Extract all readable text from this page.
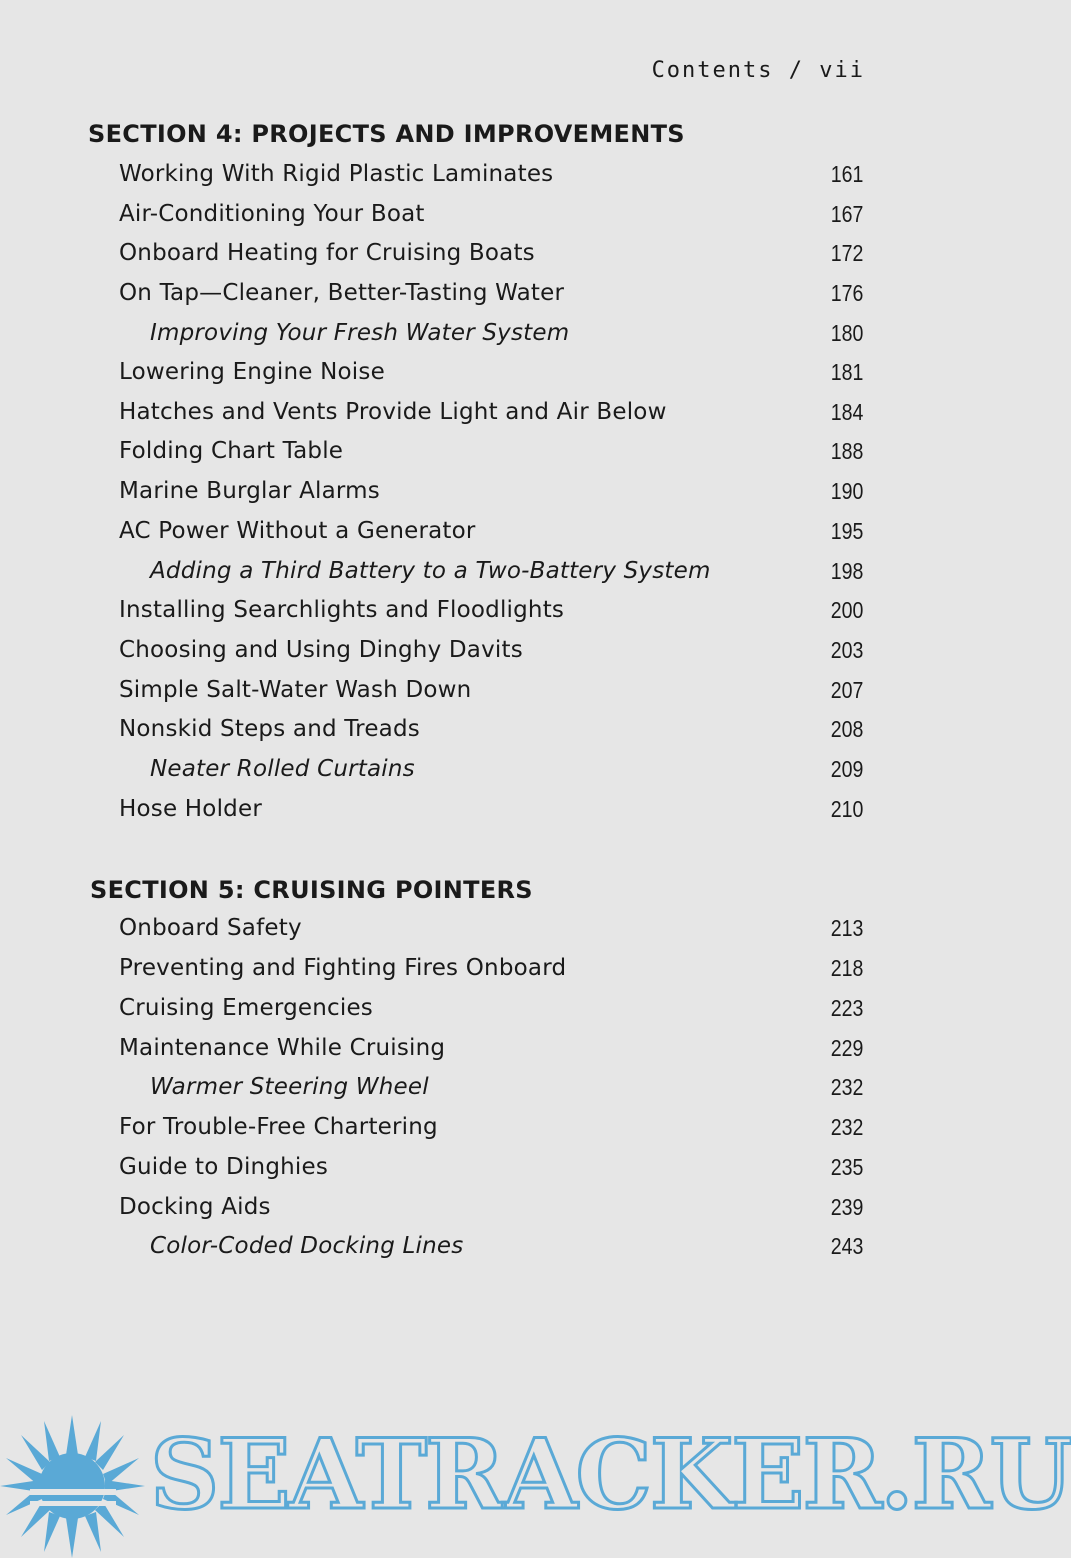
Contents / vii
SECTION 4: PROJECTS AND IMPROVEMENTS
Working With Rigid Plastic Laminates	161
Air-Conditioning Your Boat	167
Onboard Heating for Cruising Boats	172
On Tap—Cleaner, Better-Tasting Water	176
Improving Your Fresh Water System	180
Lowering Engine Noise	181
Hatches and Vents Provide Light and Air Below	184
Folding Chart Table	188
Marine Burglar Alarms	190
AC Power Without a Generator	195
Adding a Third Battery to a Two-Battery System	198
Installing Searchlights and Floodlights	200
Choosing and Using Dinghy Davits	203
Simple Salt-Water Wash Down	207
Nonskid Steps and Treads	208
Neater Rolled Curtains	209
Hose Holder	210
SECTION 5: CRUISING POINTERS
Onboard Safety	213
Preventing and Fighting Fires Onboard	218
Cruising Emergencies	223
Maintenance While Cruising	229
Warmer Steering Wheel	232
For Trouble-Free Chartering	232
Guide to Dinghies	235
Docking Aids	239
Color-Coded Docking Lines	243
SEATRACKER.RU
